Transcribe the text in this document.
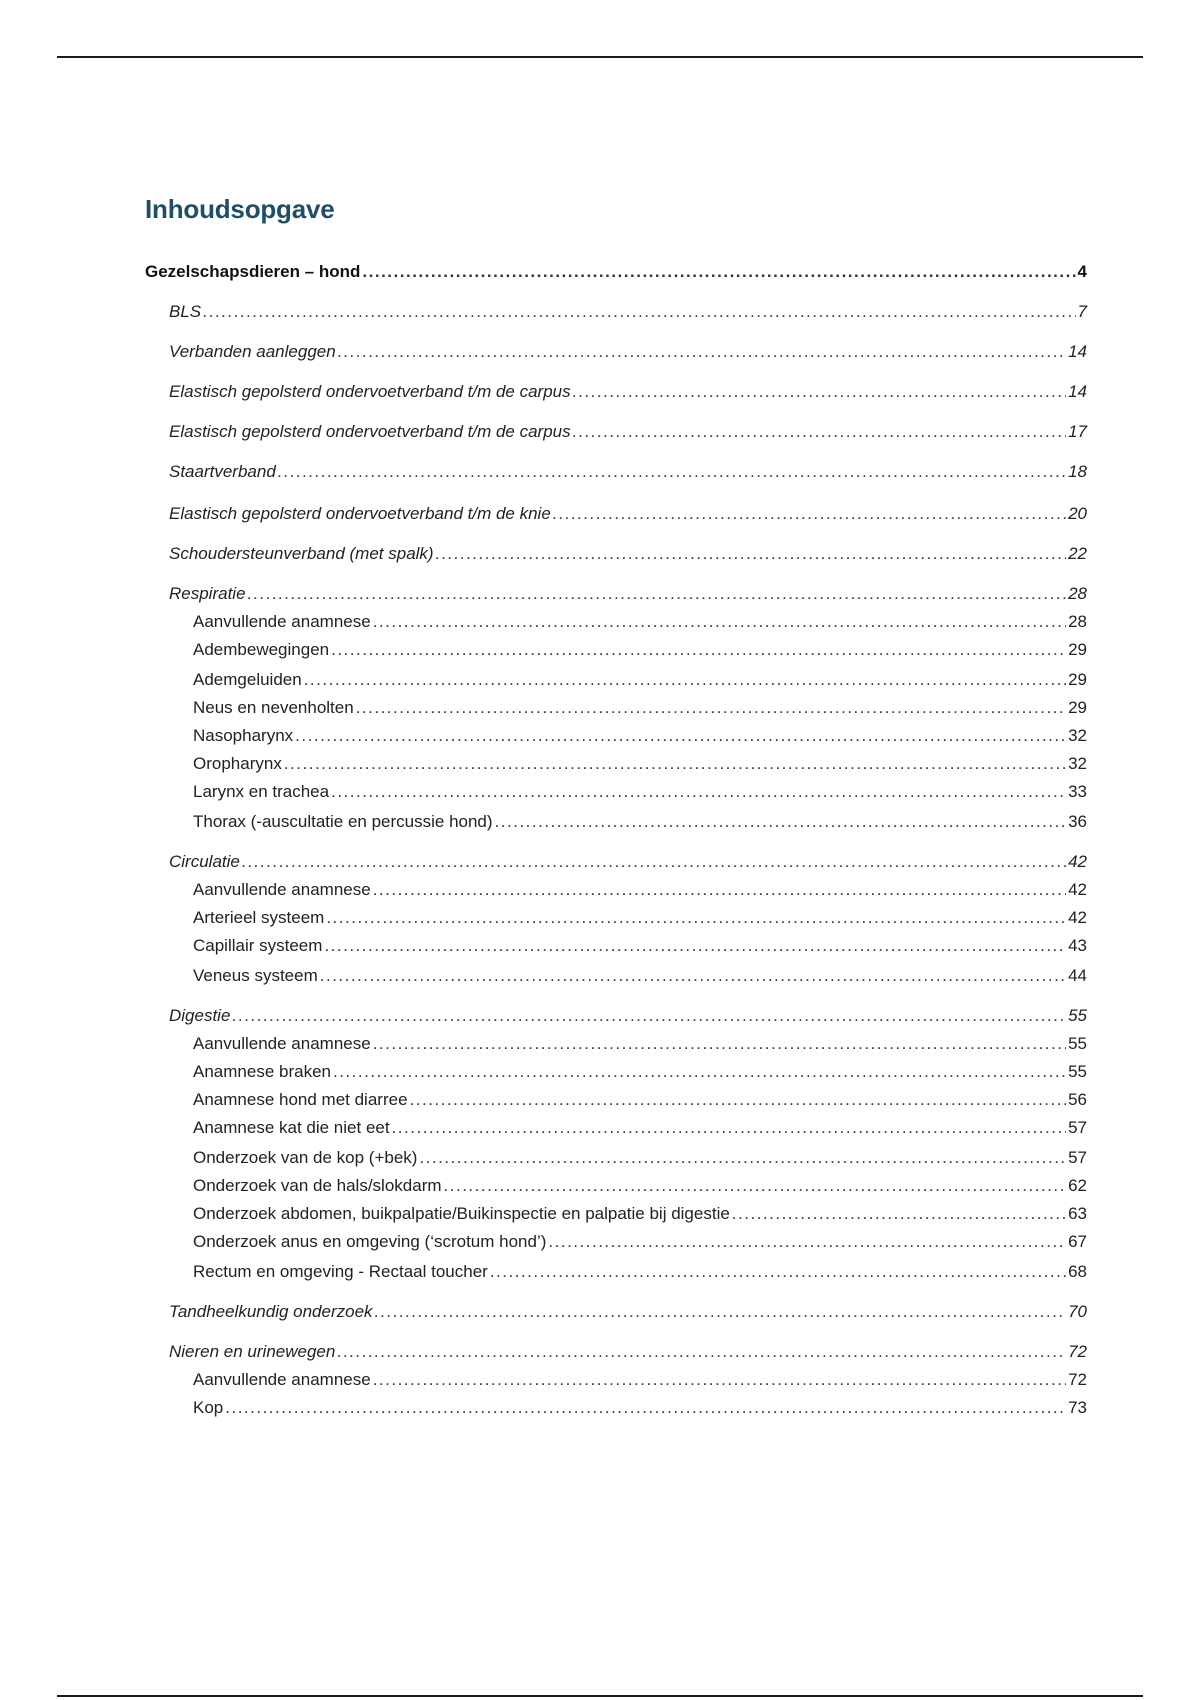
Inhoudsopgave
Gezelschapsdieren – hond .....	4
BLS .....	7
Verbanden aanleggen .....	14
Elastisch gepolsterd ondervoetverband t/m de carpus .....	14
Elastisch gepolsterd ondervoetverband t/m de carpus .....	17
Staartverband .....	18
Elastisch gepolsterd ondervoetverband t/m de knie .....	20
Schoudersteunverband (met spalk) .....	22
Respiratie .....	28
Aanvullende anamnese .....	28
Adembewegingen .....	29
Ademgeluiden .....	29
Neus en nevenholten .....	29
Nasopharynx .....	32
Oropharynx .....	32
Larynx en trachea .....	33
Thorax (-auscultatie en percussie hond) .....	36
Circulatie .....	42
Aanvullende anamnese .....	42
Arterieel systeem .....	42
Capillair systeem .....	43
Veneus systeem .....	44
Digestie .....	55
Aanvullende anamnese .....	55
Anamnese braken .....	55
Anamnese hond met diarree .....	56
Anamnese kat die niet eet .....	57
Onderzoek van de kop (+bek) .....	57
Onderzoek van de hals/slokdarm .....	62
Onderzoek abdomen, buikpalpatie/Buikinspectie en palpatie bij digestie .....	63
Onderzoek anus en omgeving (‘scrotum hond’) .....	67
Rectum en omgeving - Rectaal toucher .....	68
Tandheelkundig onderzoek .....	70
Nieren en urinewegen .....	72
Aanvullende anamnese .....	72
Kop .....	73
